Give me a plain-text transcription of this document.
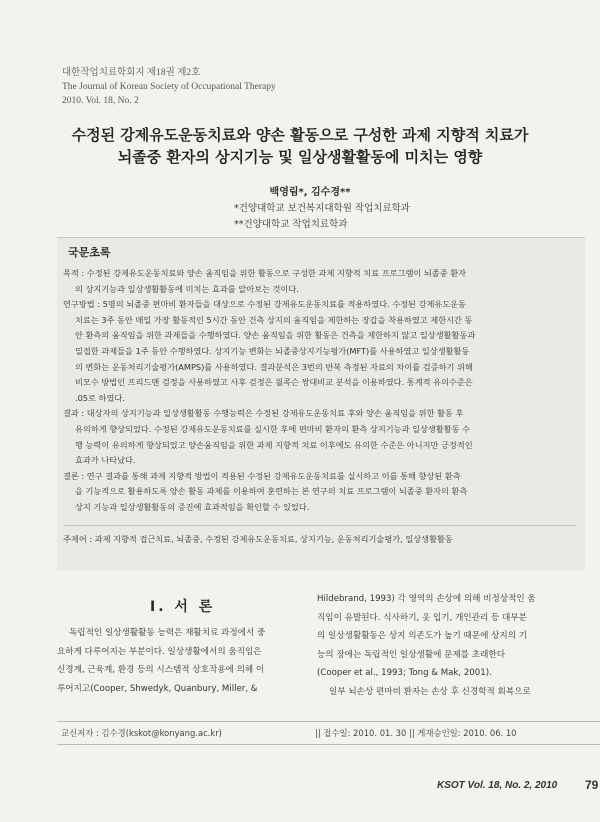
대한작업치료학회지 제18권 제2호
The Journal of Korean Society of Occupational Therapy
2010. Vol. 18, No. 2
수정된 강제유도운동치료와 양손 활동으로 구성한 과제 지향적 치료가
뇌졸중 환자의 상지기능 및 일상생활활동에 미치는 영향
백영림*, 김수경**
*건양대학교 보건복지대학원 작업치료학과
**건양대학교 작업치료학과
국문초록

목적 : 수정된 강제유도운동치료와 양손 움직임을 위한 활동으로 구성한 과제 지향적 치료 프로그램이 뇌졸중 환자

의 상지기능과 일상생활활동에 미치는 효과를 알아보는 것이다.

연구방법 : 5명의 뇌졸중 편마비 환자들을 대상으로 수정된 강제유도운동치료를 적용하였다. 수정된 강제유도운동

치료는 3주 동안 매일 가장 활동적인 5시간 동안 건측 상지의 움직임을 제한하는 장갑을 착용하였고 제한시간 동

안 환측의 움직임을 위한 과제들을 수행하였다. 양손 움직임을 위한 활동은 건측을 제한하지 않고 일상생활활동과

밀접한 과제들을 1주 동안 수행하였다. 상지기능 변화는 뇌졸중상지기능평가(MFT)를 사용하였고 일상생활활동

의 변화는 운동처리기술평가(AMPS)를 사용하였다. 결과분석은 3번의 반복 측정된 자료의 차이를 검증하기 위해

비모수 방법인 프리드맨 검정을 사용하였고 사후 검정은 윌콕슨 쌍대비교 분석을 이용하였다. 통계적 유의수준은

.05로 하였다.

결과 : 대상자의 상지기능과 일상생활활동 수행능력은 수정된 강제유도운동치료 후와 양손 움직임을 위한 활동 후

유의하게 향상되었다. 수정된 강제유도운동치료를 실시한 후에 편마비 환자의 환측 상지기능과 일상생활활동 수

행 능력이 유의하게 향상되었고 양손움직임을 위한 과제 지향적 치료 이후에도 유의한 수준은 아니지만 긍정적인

효과가 나타났다.

결론 : 연구 결과를 통해 과제 지향적 방법이 적용된 수정된 강제유도운동치료를 실시하고 이를 통해 향상된 환측

을 기능적으로 활용하도록 양손 활동 과제를 이용하여 훈련하는 본 연구의 치료 프로그램이 뇌졸중 환자의 환측

상지 기능과 일상생활활동의 증진에 효과적임을 확인할 수 있었다.

주제어 : 과제 지향적 접근치료, 뇌졸중, 수정된 강제유도운동치료, 상지기능, 운동처리기술평가, 일상생활활동

Ⅰ. 서 론

독립적인 일상생활활동 능력은 재활치료 과정에서 중

요하게 다루어지는 부분이다. 일상생활에서의 움직임은

신경계, 근육계, 환경 등의 시스템적 상호작용에 의해 이

루어지고(Cooper, Shwedyk, Quanbury, Miller, &

Hildebrand, 1993) 각 영역의 손상에 의해 비정상적인 움

직임이 유발된다. 식사하기, 옷 입기, 개인관리 등 대부분

의 일상생활활동은 상지 의존도가 높기 때문에 상지의 기

능의 장애는 독립적인 일상생활에 문제를 초래한다

(Cooper et al., 1993; Tong & Mak, 2001).

일부 뇌손상 편마비 환자는 손상 후 신경학적 회복으로

교신저자 : 김수경(kskot@konyang.ac.kr)	|| 접수일: 2010. 01. 30 || 게재승인일: 2010. 06. 10
KSOT Vol. 18, No. 2, 2010 79
